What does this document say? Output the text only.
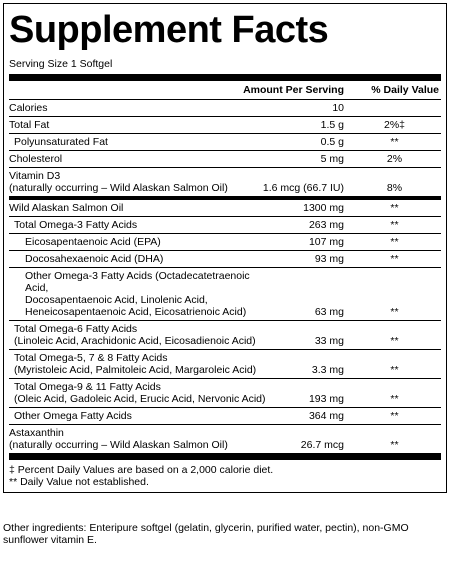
Supplement Facts
Serving Size 1 Softgel
Amount Per Serving	% Daily Value
Calories	10
Total Fat	1.5 g	2%‡
Polyunsaturated Fat	0.5 g	**
Cholesterol	5 mg	2%
Vitamin D3
(naturally occurring – Wild Alaskan Salmon Oil)	1.6 mcg (66.7 IU)	8%
Wild Alaskan Salmon Oil	1300 mg	**
Total Omega-3 Fatty Acids	263 mg	**
Eicosapentaenoic Acid (EPA)	107 mg	**
Docosahexaenoic Acid (DHA)	93 mg	**
Other Omega-3 Fatty Acids (Octadecatetraenoic Acid,
Docosapentaenoic Acid, Linolenic Acid,
Heneicosapentaenoic Acid, Eicosatrienoic Acid)	63 mg	**
Total Omega-6 Fatty Acids
(Linoleic Acid, Arachidonic Acid, Eicosadienoic Acid)	33 mg	**
Total Omega-5, 7 & 8 Fatty Acids
(Myristoleic Acid, Palmitoleic Acid, Margaroleic Acid)	3.3 mg	**
Total Omega-9 & 11 Fatty Acids
(Oleic Acid, Gadoleic Acid, Erucic Acid, Nervonic Acid)	193 mg	**
Other Omega Fatty Acids	364 mg	**
Astaxanthin
(naturally occurring – Wild Alaskan Salmon Oil)	26.7 mcg	**
‡ Percent Daily Values are based on a 2,000 calorie diet.
** Daily Value not established.
Other ingredients: Enteripure softgel (gelatin, glycerin, purified water, pectin), non-GMO sunflower vitamin E.
